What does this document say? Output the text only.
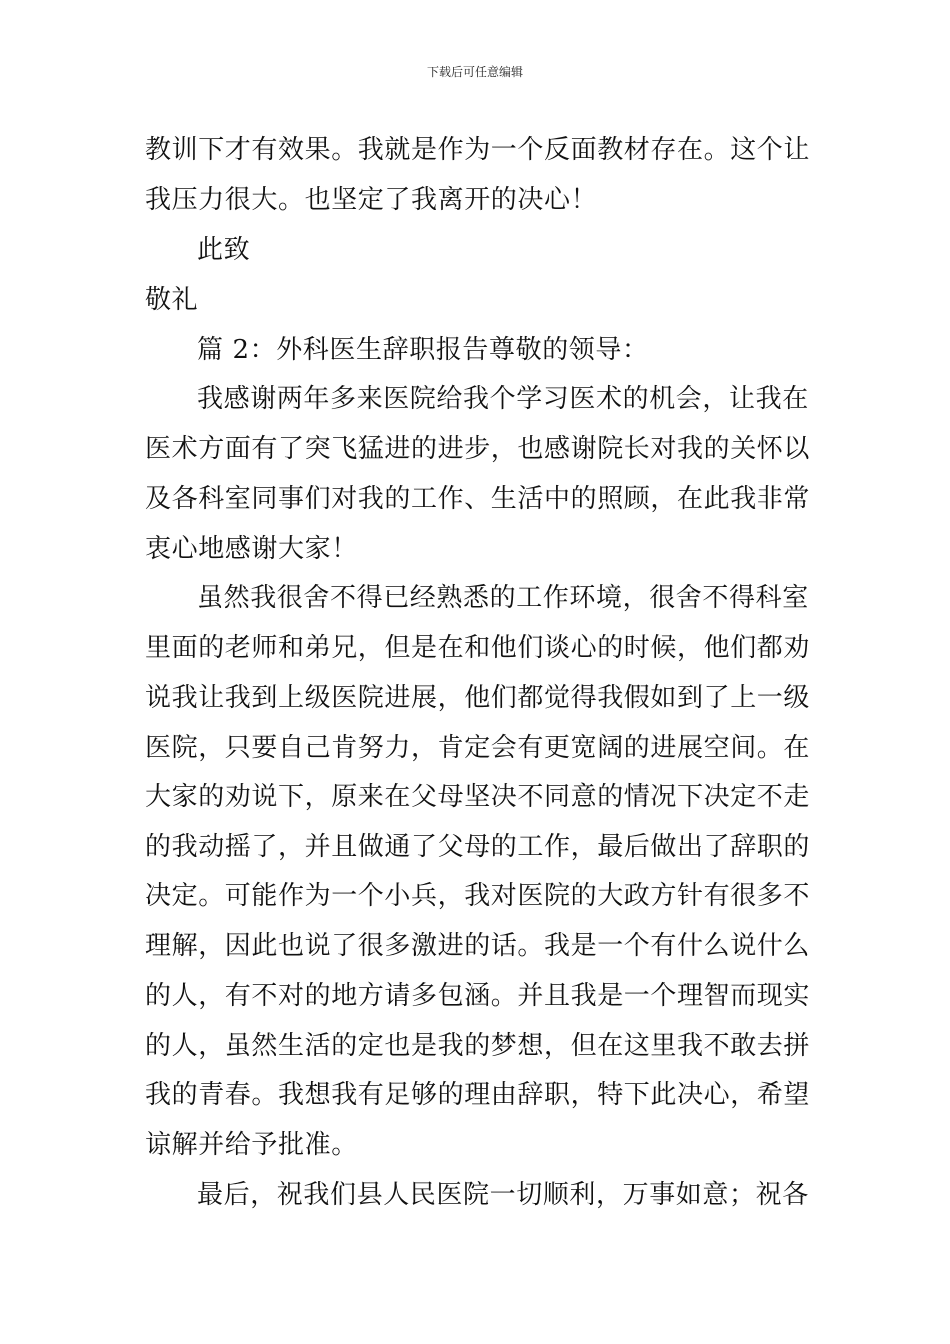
下载后可任意编辑
教训下才有效果。我就是作为一个反面教材存在。这个让
我压力很大。也坚定了我离开的决心！
此致
敬礼
篇 2：外科医生辞职报告尊敬的领导：
我感谢两年多来医院给我个学习医术的机会，让我在
医术方面有了突飞猛进的进步，也感谢院长对我的关怀以
及各科室同事们对我的工作、生活中的照顾，在此我非常
衷心地感谢大家！
虽然我很舍不得已经熟悉的工作环境，很舍不得科室
里面的老师和弟兄，但是在和他们谈心的时候，他们都劝
说我让我到上级医院进展，他们都觉得我假如到了上一级
医院，只要自己肯努力，肯定会有更宽阔的进展空间。在
大家的劝说下，原来在父母坚决不同意的情况下决定不走
的我动摇了，并且做通了父母的工作，最后做出了辞职的
决定。可能作为一个小兵，我对医院的大政方针有很多不
理解，因此也说了很多激进的话。我是一个有什么说什么
的人，有不对的地方请多包涵。并且我是一个理智而现实
的人，虽然生活的定也是我的梦想，但在这里我不敢去拼
我的青春。我想我有足够的理由辞职，特下此决心，希望
谅解并给予批准。
最后，祝我们县人民医院一切顺利，万事如意；祝各
